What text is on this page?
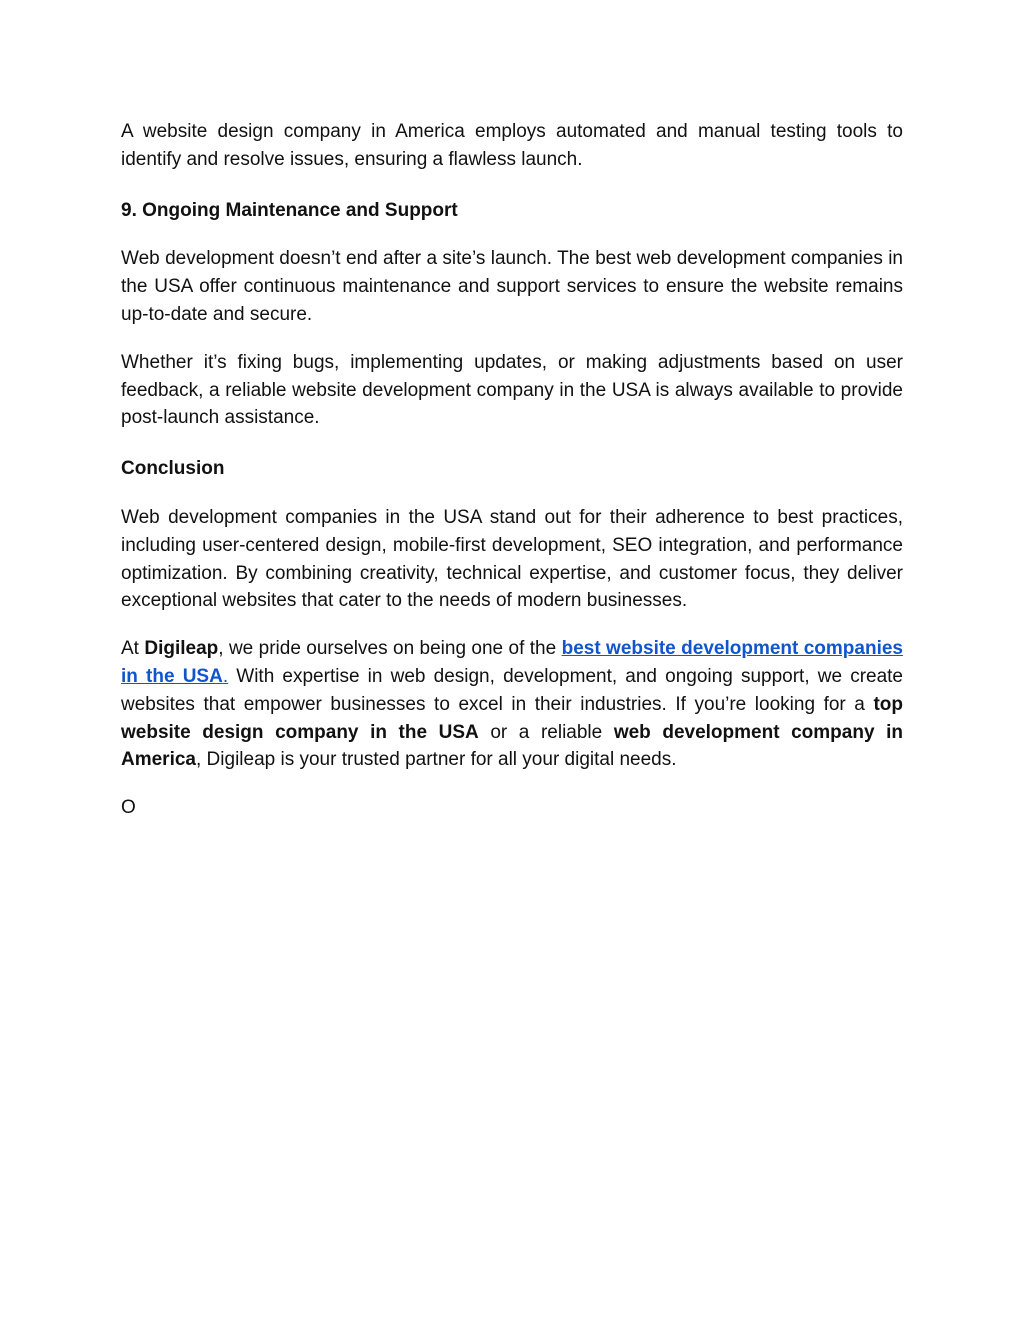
A website design company in America employs automated and manual testing tools to identify and resolve issues, ensuring a flawless launch.

9. Ongoing Maintenance and Support

Web development doesn’t end after a site’s launch. The best web development companies in the USA offer continuous maintenance and support services to ensure the website remains up-to-date and secure.

Whether it’s fixing bugs, implementing updates, or making adjustments based on user feedback, a reliable website development company in the USA is always available to provide post-launch assistance.

Conclusion

Web development companies in the USA stand out for their adherence to best practices, including user-centered design, mobile-first development, SEO integration, and performance optimization. By combining creativity, technical expertise, and customer focus, they deliver exceptional websites that cater to the needs of modern businesses.

At Digileap, we pride ourselves on being one of the best website development companies in the USA. With expertise in web design, development, and ongoing support, we create websites that empower businesses to excel in their industries. If you’re looking for a top website design company in the USA or a reliable web development company in America, Digileap is your trusted partner for all your digital needs.

O
